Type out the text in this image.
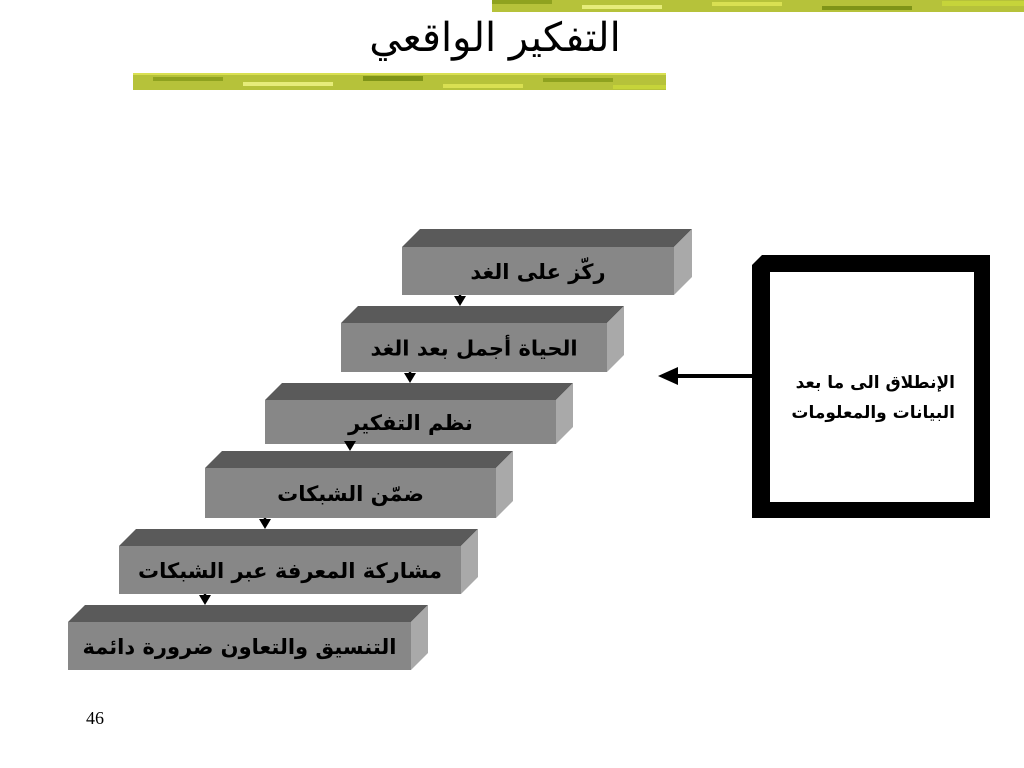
التفكير الواقعي
ركّز على الغد
الحياة أجمل بعد الغد
نظم التفكير
ضمّن الشبكات
مشاركة المعرفة عبر الشبكات
التنسيق والتعاون ضرورة دائمة
الإنطلاق الى ما بعد
البيانات والمعلومات
46
